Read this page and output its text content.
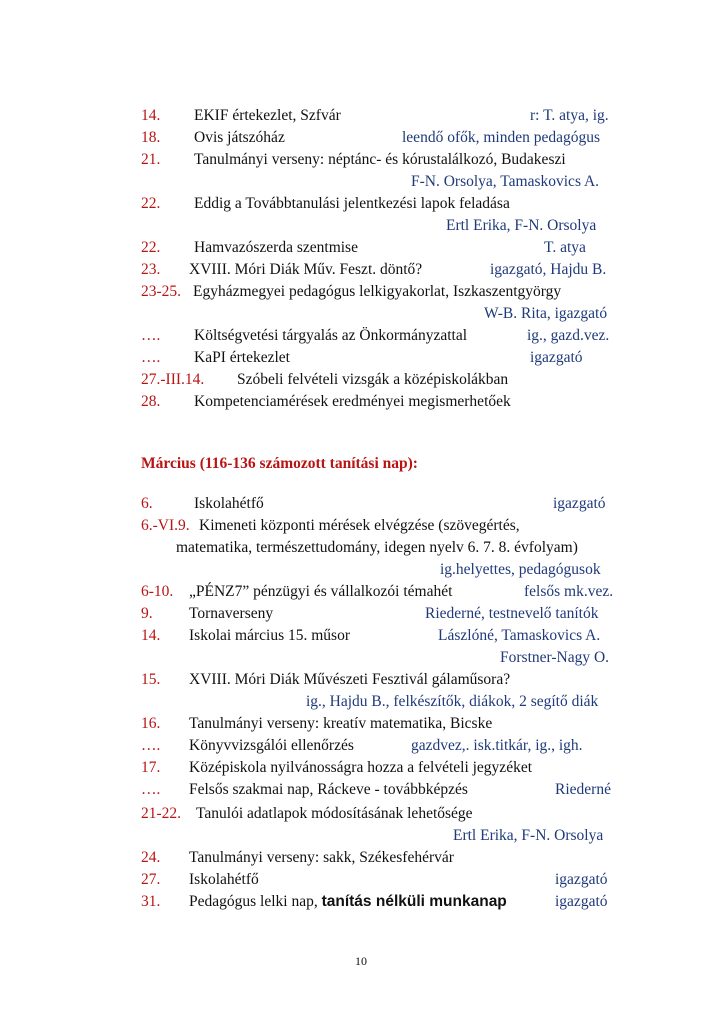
14. EKIF értekezlet, Szfvár	r: T. atya, ig.
18. Ovis játszóház	leendő ofők, minden pedagógus
21. Tanulmányi verseny: néptánc- és kórustalálkozó, Budakeszi
F-N. Orsolya, Tamaskovics A.
22. Eddig a Továbbtanulási jelentkezési lapok feladása
Ertl Erika, F-N. Orsolya
22. Hamvazószerda szentmise	T. atya
23. XVIII. Móri Diák Műv. Feszt. döntő?	igazgató, Hajdu B.
23-25. Egyházmegyei pedagógus lelkigyakorlat, Iszkaszentgyörgy
W-B. Rita, igazgató
…. Költségvetési tárgyalás az Önkormányzattal	ig., gazd.vez.
…. KaPI értekezlet	igazgató
27.-III.14. Szóbeli felvételi vizsgák a középiskolákban
28. Kompetenciamérések eredményei megismerhetőek
Március (116-136 számozott tanítási nap):
6.	Iskolahétfő	igazgató
6.-VI.9. Kimeneti központi mérések elvégzése (szövegértés,
matematika, természettudomány, idegen nyelv 6. 7. 8. évfolyam)
ig.helyettes, pedagógusok
6-10. „PÉNZ7” pénzügyi és vállalkozói témahét	felsős mk.vez.
9. Tornaverseny	Riederné, testnevelő tanítók
14. Iskolai március 15. műsor	Lászlóné, Tamaskovics A.
Forstner-Nagy O.
15. XVIII. Móri Diák Művészeti Fesztivál gálaműsora?
ig., Hajdu B., felkészítők, diákok, 2 segítő diák
16. Tanulmányi verseny: kreatív matematika, Bicske
…. Könyvvizsgálói ellenőrzés	gazdvez,. isk.titkár, ig., igh.
17. Középiskola nyilvánosságra hozza a felvételi jegyzéket
…. Felsős szakmai nap, Ráckeve - továbbképzés	Riederné
21-22. Tanulói adatlapok módosításának lehetősége
Ertl Erika, F-N. Orsolya
24. Tanulmányi verseny: sakk, Székesfehérvár
27. Iskolahétfő	igazgató
31. Pedagógus lelki nap, tanítás nélküli munkanap	igazgató
10
